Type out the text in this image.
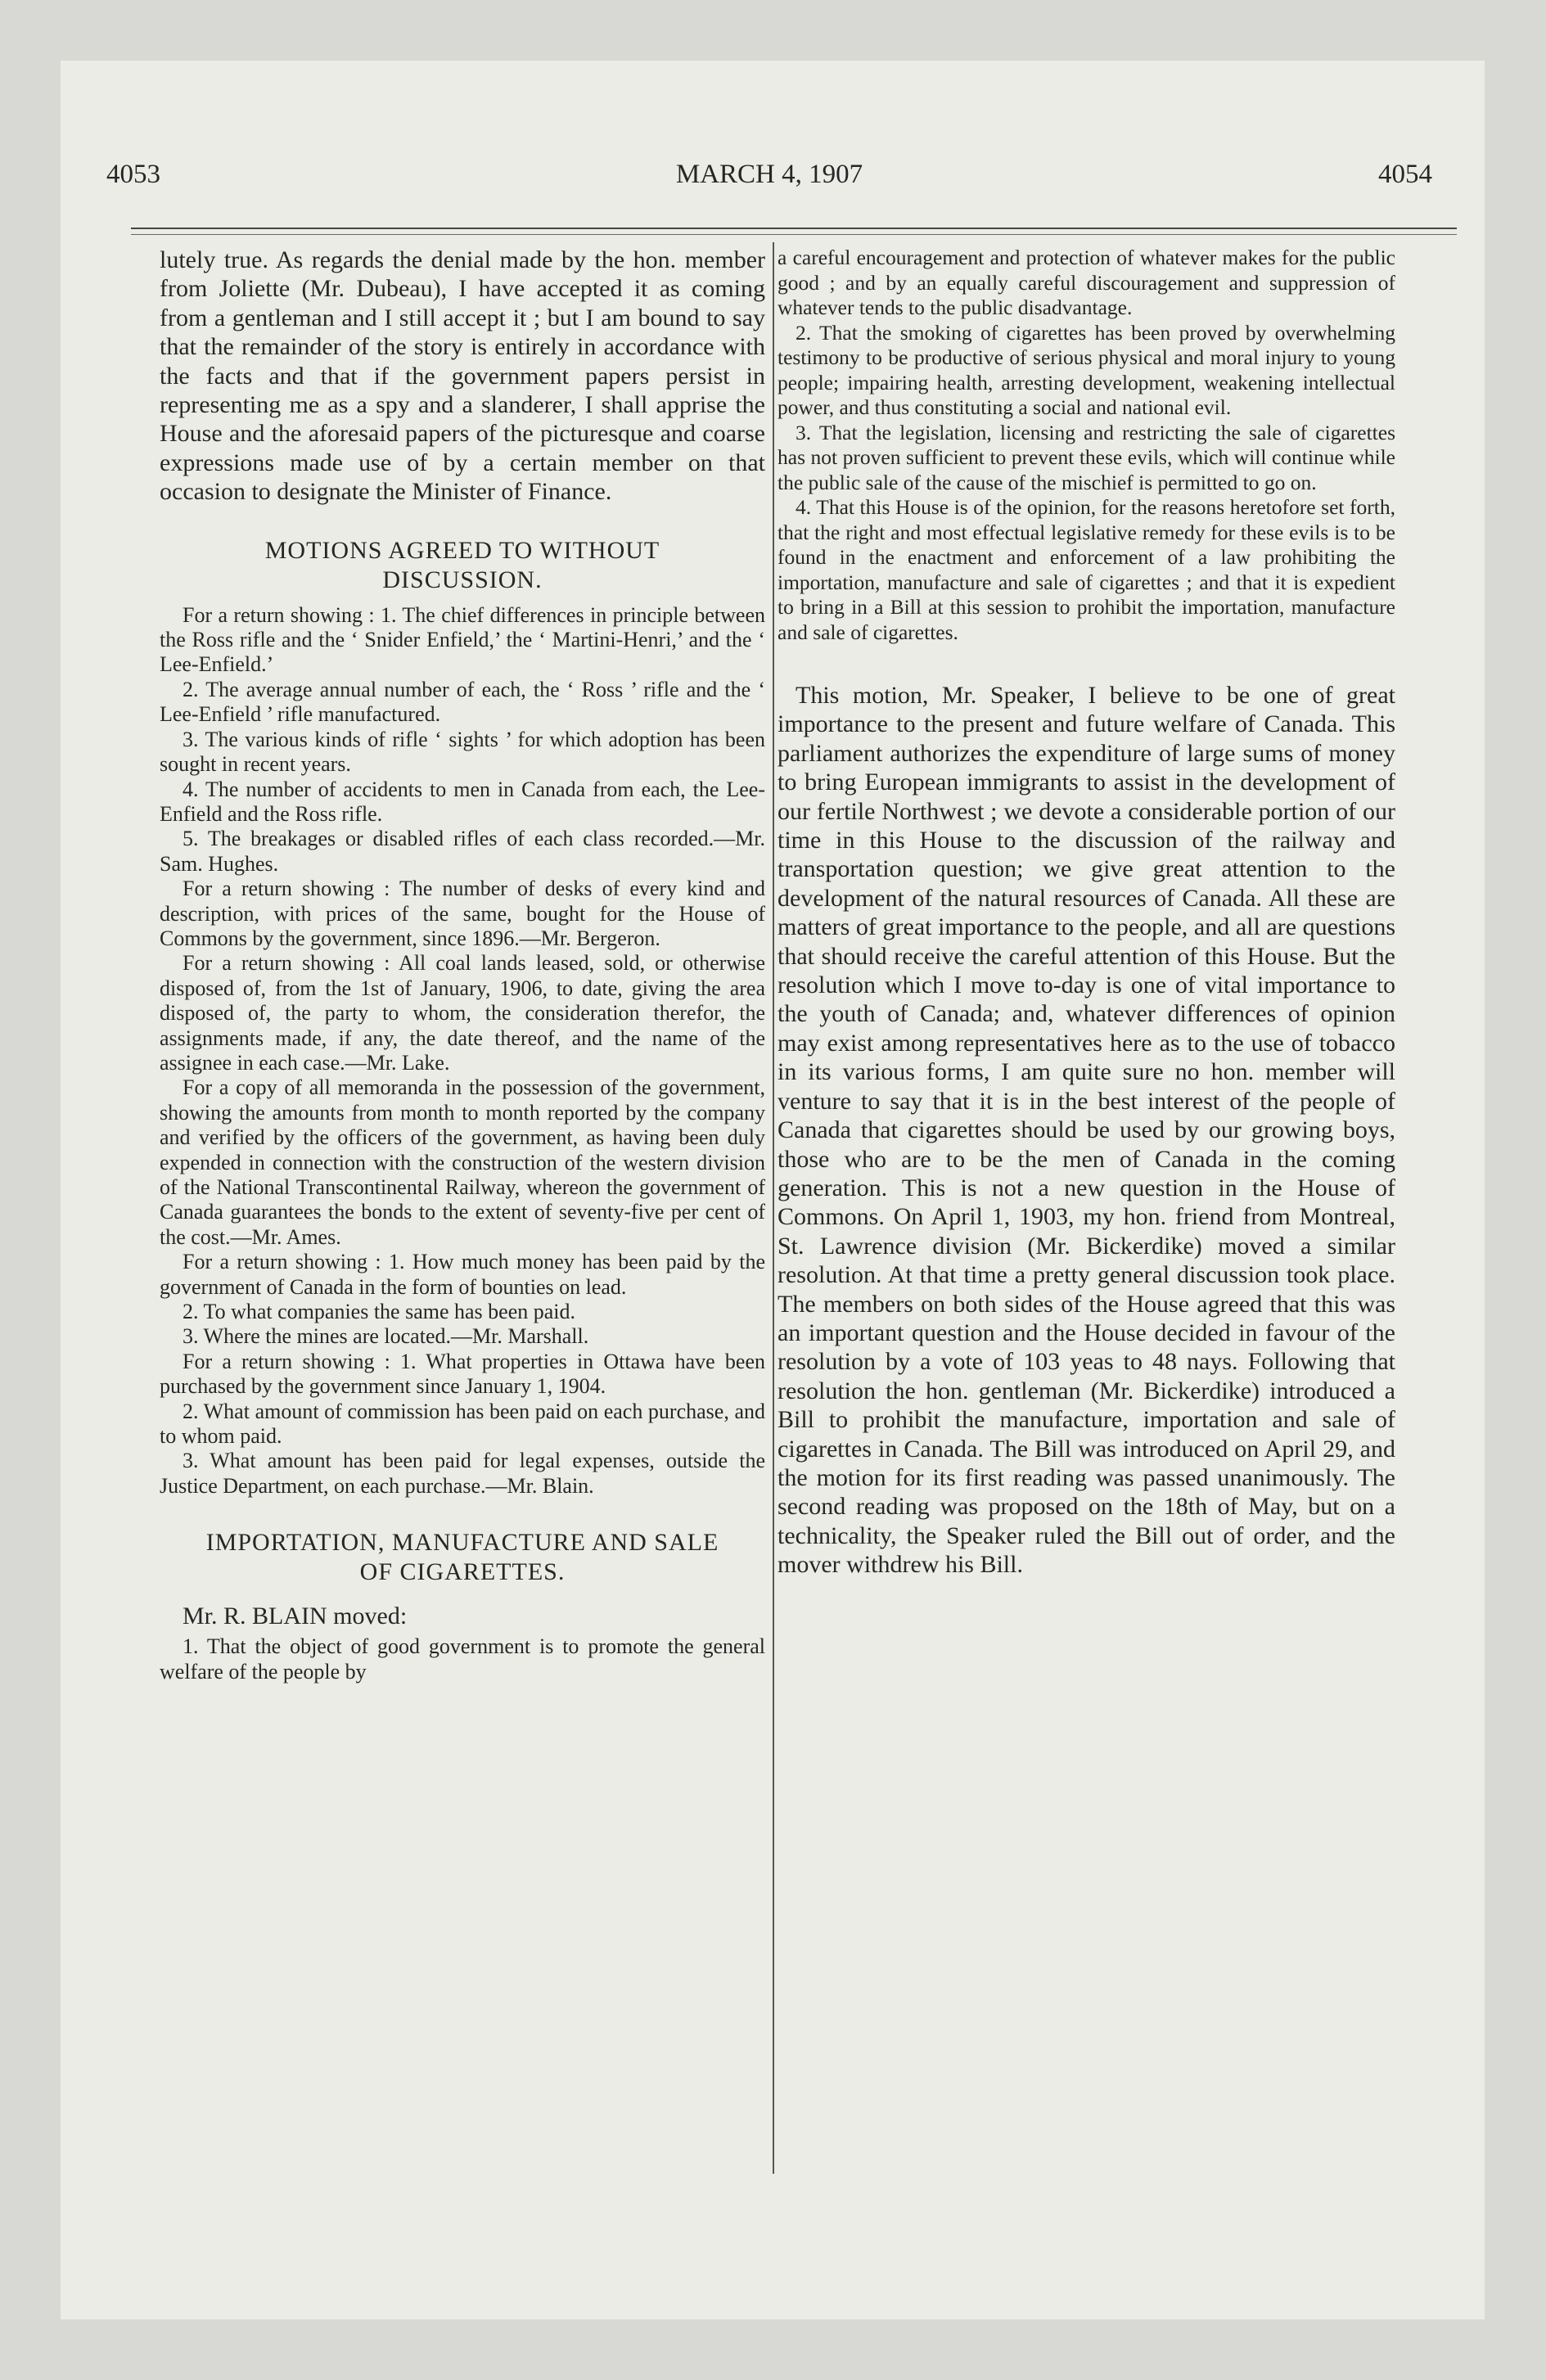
4053	MARCH 4, 1907	4054

lutely true. As regards the denial made by the hon. member from Joliette (Mr. Dubeau), I have accepted it as coming from a gentleman and I still accept it ; but I am bound to say that the remainder of the story is entirely in accordance with the facts and that if the government papers persist in representing me as a spy and a slanderer, I shall apprise the House and the aforesaid papers of the picturesque and coarse expressions made use of by a certain member on that occasion to designate the Minister of Finance.

MOTIONS AGREED TO WITHOUT DISCUSSION.

For a return showing : 1. The chief differences in principle between the Ross rifle and the ‘ Snider Enfield,’ the ‘ Martini-Henri,’ and the ‘ Lee-Enfield.’

2. The average annual number of each, the ‘ Ross ’ rifle and the ‘ Lee-Enfield ’ rifle manufactured.

3. The various kinds of rifle ‘ sights ’ for which adoption has been sought in recent years.

4. The number of accidents to men in Canada from each, the Lee-Enfield and the Ross rifle.

5. The breakages or disabled rifles of each class recorded.—Mr. Sam. Hughes.

For a return showing : The number of desks of every kind and description, with prices of the same, bought for the House of Commons by the government, since 1896.—Mr. Bergeron.

For a return showing : All coal lands leased, sold, or otherwise disposed of, from the 1st of January, 1906, to date, giving the area disposed of, the party to whom, the consideration therefor, the assignments made, if any, the date thereof, and the name of the assignee in each case.—Mr. Lake.

For a copy of all memoranda in the possession of the government, showing the amounts from month to month reported by the company and verified by the officers of the government, as having been duly expended in connection with the construction of the western division of the National Transcontinental Railway, whereon the government of Canada guarantees the bonds to the extent of seventy-five per cent of the cost.—Mr. Ames.

For a return showing : 1. How much money has been paid by the government of Canada in the form of bounties on lead.

2. To what companies the same has been paid.

3. Where the mines are located.—Mr. Marshall.

For a return showing : 1. What properties in Ottawa have been purchased by the government since January 1, 1904.

2. What amount of commission has been paid on each purchase, and to whom paid.

3. What amount has been paid for legal expenses, outside the Justice Department, on each purchase.—Mr. Blain.

IMPORTATION, MANUFACTURE AND SALE OF CIGARETTES.

Mr. R. BLAIN moved:

1. That the object of good government is to promote the general welfare of the people by

a careful encouragement and protection of whatever makes for the public good ; and by an equally careful discouragement and suppression of whatever tends to the public disadvantage.

2. That the smoking of cigarettes has been proved by overwhelming testimony to be productive of serious physical and moral injury to young people; impairing health, arresting development, weakening intellectual power, and thus constituting a social and national evil.

3. That the legislation, licensing and restricting the sale of cigarettes has not proven sufficient to prevent these evils, which will continue while the public sale of the cause of the mischief is permitted to go on.

4. That this House is of the opinion, for the reasons heretofore set forth, that the right and most effectual legislative remedy for these evils is to be found in the enactment and enforcement of a law prohibiting the importation, manufacture and sale of cigarettes ; and that it is expedient to bring in a Bill at this session to prohibit the importation, manufacture and sale of cigarettes.

This motion, Mr. Speaker, I believe to be one of great importance to the present and future welfare of Canada. This parliament authorizes the expenditure of large sums of money to bring European immigrants to assist in the development of our fertile Northwest ; we devote a considerable portion of our time in this House to the discussion of the railway and transportation question; we give great attention to the development of the natural resources of Canada. All these are matters of great importance to the people, and all are questions that should receive the careful attention of this House. But the resolution which I move to-day is one of vital importance to the youth of Canada; and, whatever differences of opinion may exist among representatives here as to the use of tobacco in its various forms, I am quite sure no hon. member will venture to say that it is in the best interest of the people of Canada that cigarettes should be used by our growing boys, those who are to be the men of Canada in the coming generation. This is not a new question in the House of Commons. On April 1, 1903, my hon. friend from Montreal, St. Lawrence division (Mr. Bickerdike) moved a similar resolution. At that time a pretty general discussion took place. The members on both sides of the House agreed that this was an important question and the House decided in favour of the resolution by a vote of 103 yeas to 48 nays. Following that resolution the hon. gentleman (Mr. Bickerdike) introduced a Bill to prohibit the manufacture, importation and sale of cigarettes in Canada. The Bill was introduced on April 29, and the motion for its first reading was passed unanimously. The second reading was proposed on the 18th of May, but on a technicality, the Speaker ruled the Bill out of order, and the mover withdrew his Bill.
